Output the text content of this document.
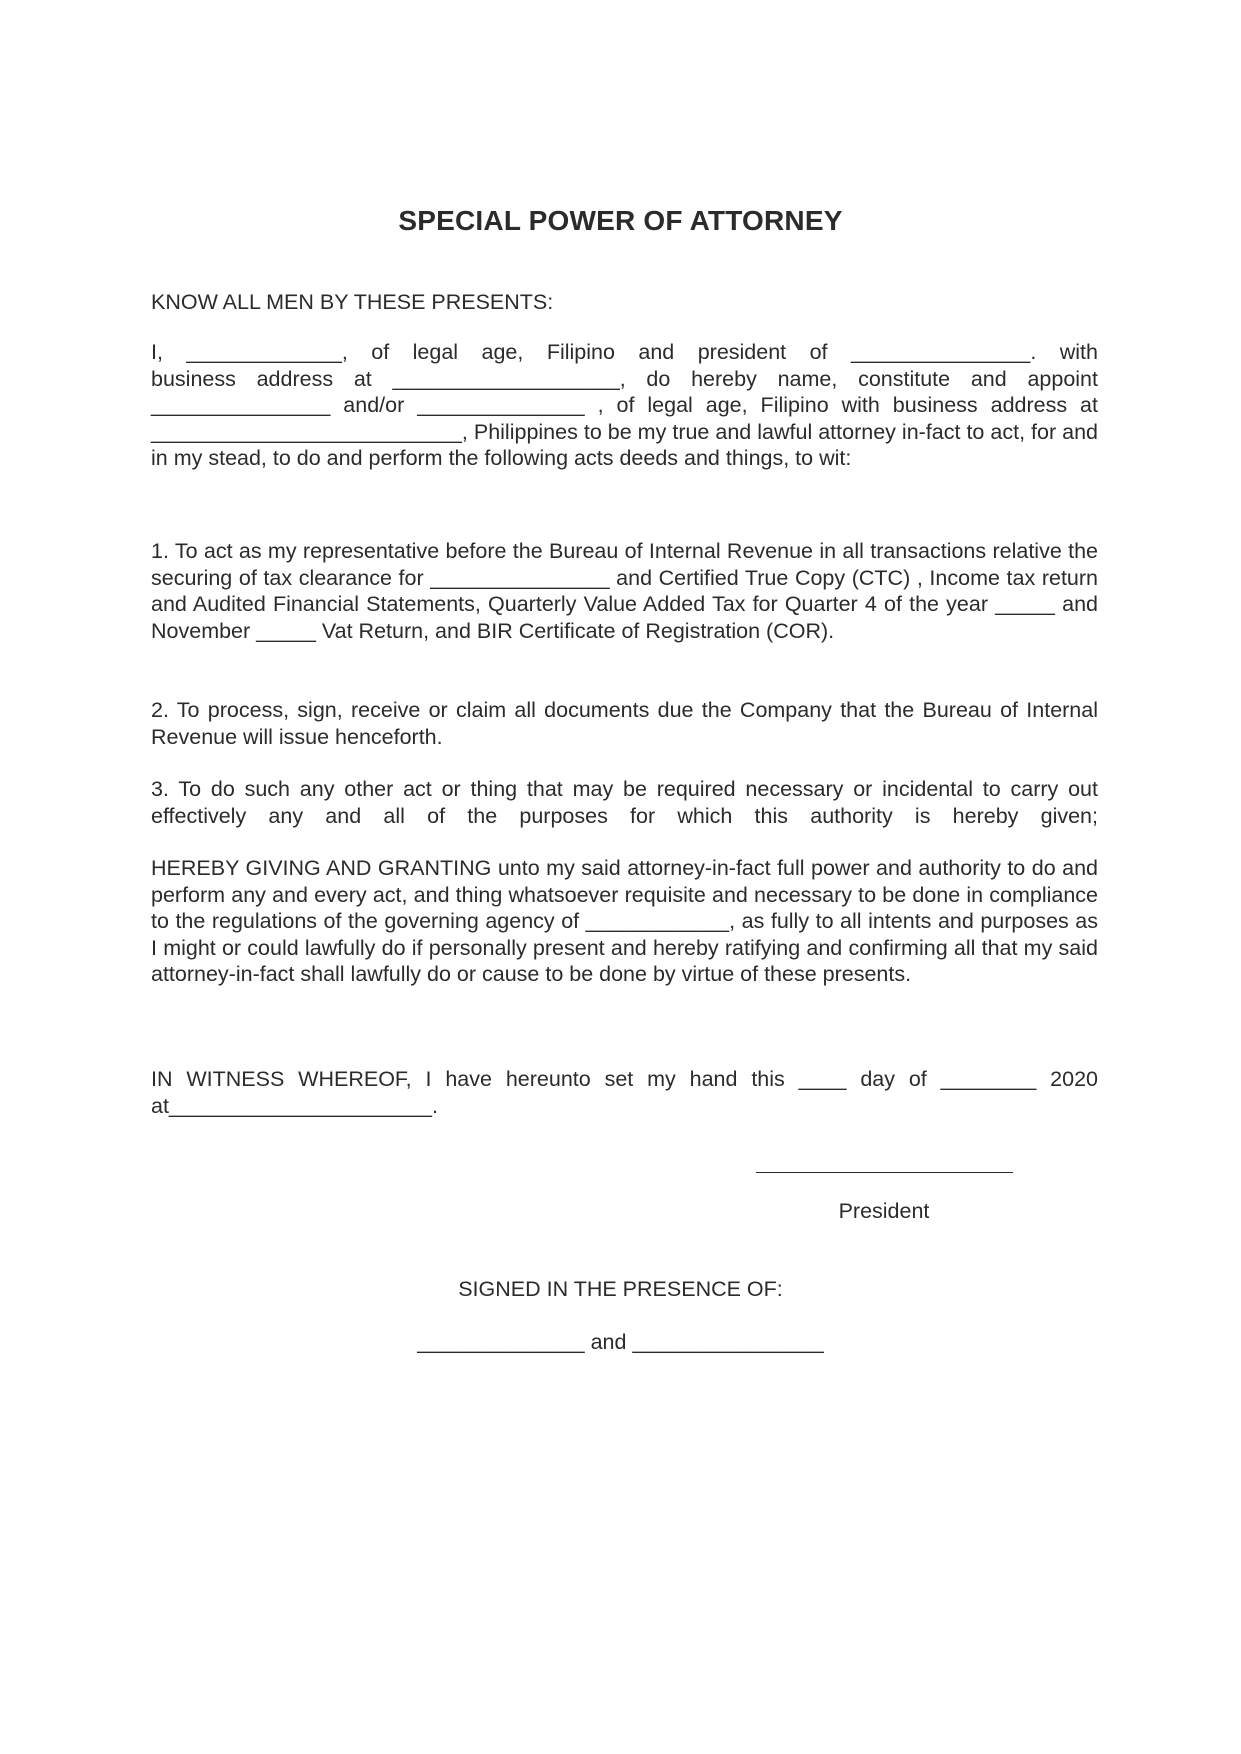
SPECIAL POWER OF ATTORNEY

KNOW ALL MEN BY THESE PRESENTS:

I, _____________, of legal age, Filipino and president of _______________. with

business address at ___________________, do hereby name, constitute and appoint _______________ and/or ______________ , of legal age, Filipino with business address at __________________________, Philippines to be my true and lawful attorney in-fact to act, for and in my stead, to do and perform the following acts deeds and things, to wit:

1. To act as my representative before the Bureau of Internal Revenue in all transactions relative the securing of tax clearance for _______________ and Certified True Copy (CTC) , Income tax return and Audited Financial Statements, Quarterly Value Added Tax for Quarter 4 of the year _____ and November _____ Vat Return, and BIR Certificate of Registration (COR).

2. To process, sign, receive or claim all documents due the Company that the Bureau of Internal Revenue will issue henceforth.

3. To do such any other act or thing that may be required necessary or incidental to carry out effectively any and all of the purposes for which this authority is hereby given;

HEREBY GIVING AND GRANTING unto my said attorney-in-fact full power and authority to do and perform any and every act, and thing whatsoever requisite and necessary to be done in compliance to the regulations of the governing agency of ____________, as fully to all intents and purposes as I might or could lawfully do if personally present and hereby ratifying and confirming all that my said attorney-in-fact shall lawfully do or cause to be done by virtue of these presents.

IN WITNESS WHEREOF, I have hereunto set my hand this ____ day of ________ 2020

at______________________.

President

SIGNED IN THE PRESENCE OF:

______________ and ________________
